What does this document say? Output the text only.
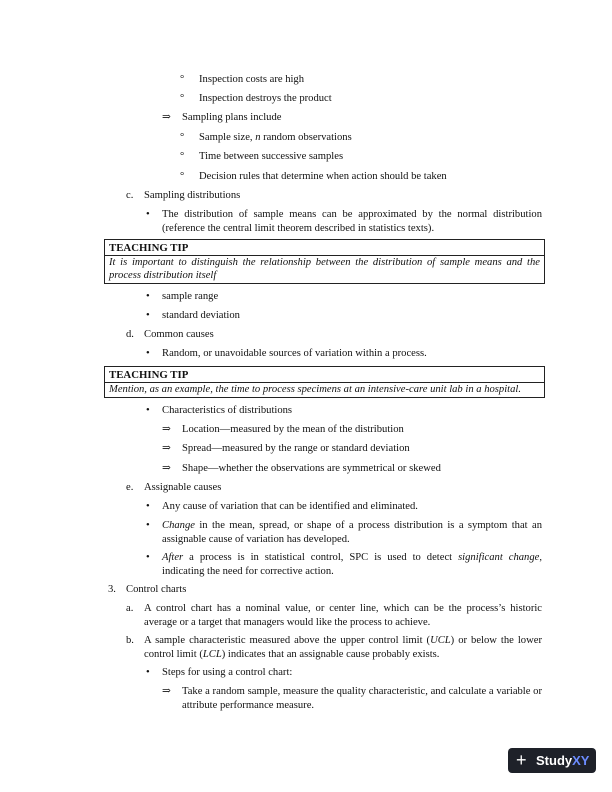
° Inspection costs are high
° Inspection destroys the product
⇒ Sampling plans include
° Sample size, n random observations
° Time between successive samples
° Decision rules that determine when action should be taken
c. Sampling distributions
• The distribution of sample means can be approximated by the normal distribution (reference the central limit theorem described in statistics texts).
TEACHING TIP
It is important to distinguish the relationship between the distribution of sample means and the process distribution itself
• sample range
• standard deviation
d. Common causes
• Random, or unavoidable sources of variation within a process.
TEACHING TIP
Mention, as an example, the time to process specimens at an intensive-care unit lab in a hospital.
• Characteristics of distributions
⇒ Location—measured by the mean of the distribution
⇒ Spread—measured by the range or standard deviation
⇒ Shape—whether the observations are symmetrical or skewed
e. Assignable causes
• Any cause of variation that can be identified and eliminated.
• Change in the mean, spread, or shape of a process distribution is a symptom that an assignable cause of variation has developed.
• After a process is in statistical control, SPC is used to detect significant change, indicating the need for corrective action.
3. Control charts
a. A control chart has a nominal value, or center line, which can be the process’s historic average or a target that managers would like the process to achieve.
b. A sample characteristic measured above the upper control limit (UCL) or below the lower control limit (LCL) indicates that an assignable cause probably exists.
• Steps for using a control chart:
⇒ Take a random sample, measure the quality characteristic, and calculate a variable or attribute performance measure.
+ StudyXY
